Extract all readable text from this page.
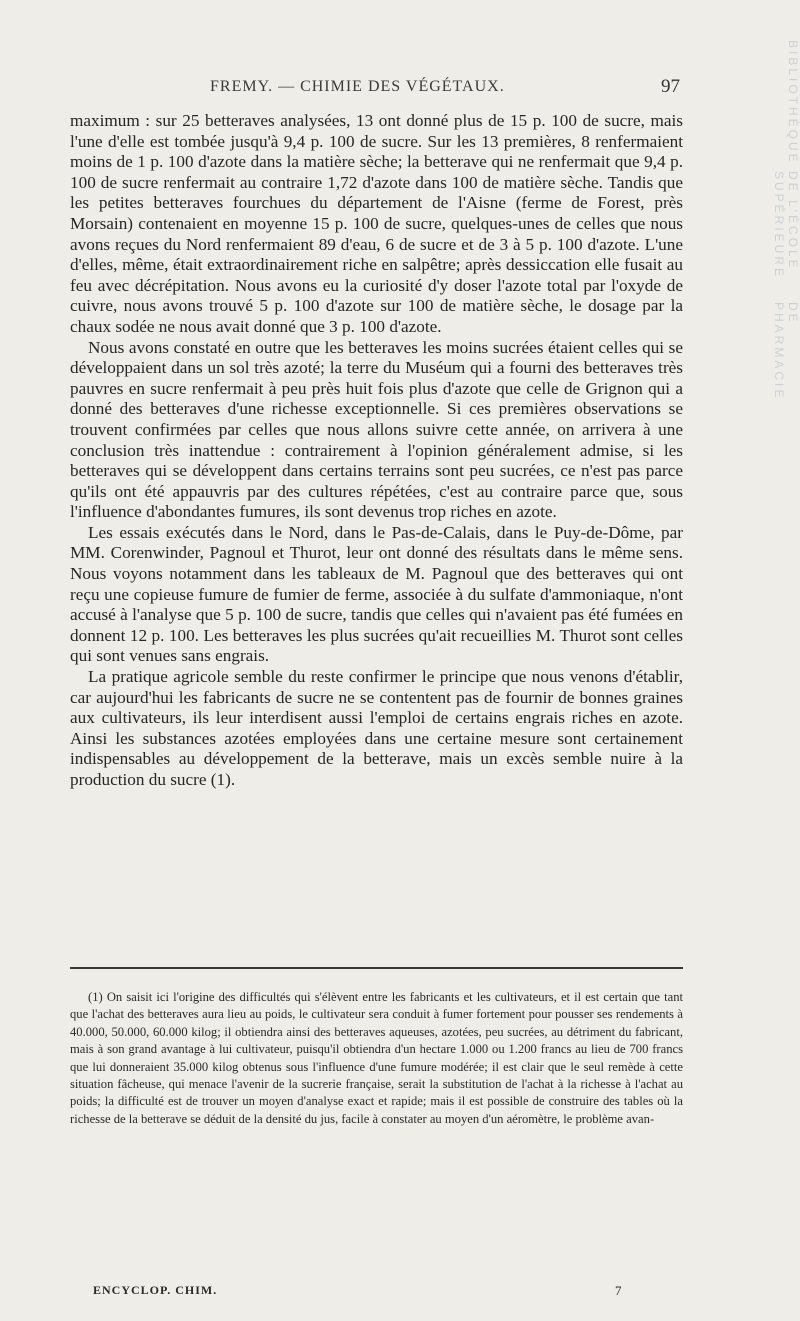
BIBLIOTHÈQUE
DE L'ÉCOLE SUPÉRIEURE
DE PHARMACIE
FREMY. — CHIMIE DES VÉGÉTAUX.	97

maximum : sur 25 betteraves analysées, 13 ont donné plus de 15 p. 100 de sucre, mais l'une d'elle est tombée jusqu'à 9,4 p. 100 de sucre. Sur les 13 premières, 8 renfermaient moins de 1 p. 100 d'azote dans la matière sèche; la betterave qui ne renfermait que 9,4 p. 100 de sucre renfermait au contraire 1,72 d'azote dans 100 de matière sèche. Tandis que les petites betteraves fourchues du département de l'Aisne (ferme de Forest, près Morsain) contenaient en moyenne 15 p. 100 de sucre, quelques-unes de celles que nous avons reçues du Nord renfermaient 89 d'eau, 6 de sucre et de 3 à 5 p. 100 d'azote. L'une d'elles, même, était extraordinairement riche en salpêtre; après dessiccation elle fusait au feu avec décrépitation. Nous avons eu la curiosité d'y doser l'azote total par l'oxyde de cuivre, nous avons trouvé 5 p. 100 d'azote sur 100 de matière sèche, le dosage par la chaux sodée ne nous avait donné que 3 p. 100 d'azote.

Nous avons constaté en outre que les betteraves les moins sucrées étaient celles qui se développaient dans un sol très azoté; la terre du Muséum qui a fourni des betteraves très pauvres en sucre renfermait à peu près huit fois plus d'azote que celle de Grignon qui a donné des betteraves d'une richesse exceptionnelle. Si ces premières observations se trouvent confirmées par celles que nous allons suivre cette année, on arrivera à une conclusion très inattendue : contrairement à l'opinion généralement admise, si les betteraves qui se développent dans certains terrains sont peu sucrées, ce n'est pas parce qu'ils ont été appauvris par des cultures répétées, c'est au contraire parce que, sous l'influence d'abondantes fumures, ils sont devenus trop riches en azote.

Les essais exécutés dans le Nord, dans le Pas-de-Calais, dans le Puy-de-Dôme, par MM. Corenwinder, Pagnoul et Thurot, leur ont donné des résultats dans le même sens. Nous voyons notamment dans les tableaux de M. Pagnoul que des betteraves qui ont reçu une copieuse fumure de fumier de ferme, associée à du sulfate d'ammoniaque, n'ont accusé à l'analyse que 5 p. 100 de sucre, tandis que celles qui n'avaient pas été fumées en donnent 12 p. 100. Les betteraves les plus sucrées qu'ait recueillies M. Thurot sont celles qui sont venues sans engrais.

La pratique agricole semble du reste confirmer le principe que nous venons d'établir, car aujourd'hui les fabricants de sucre ne se contentent pas de fournir de bonnes graines aux cultivateurs, ils leur interdisent aussi l'emploi de certains engrais riches en azote. Ainsi les substances azotées employées dans une certaine mesure sont certainement indispensables au développement de la betterave, mais un excès semble nuire à la production du sucre (1).

(1) On saisit ici l'origine des difficultés qui s'élèvent entre les fabricants et les cultivateurs, et il est certain que tant que l'achat des betteraves aura lieu au poids, le cultivateur sera conduit à fumer fortement pour pousser ses rendements à 40.000, 50.000, 60.000 kilog; il obtiendra ainsi des betteraves aqueuses, azotées, peu sucrées, au détriment du fabricant, mais à son grand avantage à lui cultivateur, puisqu'il obtiendra d'un hectare 1.000 ou 1.200 francs au lieu de 700 francs que lui donneraient 35.000 kilog obtenus sous l'influence d'une fumure modérée; il est clair que le seul remède à cette situation fâcheuse, qui menace l'avenir de la sucrerie française, serait la substitution de l'achat à la richesse à l'achat au poids; la difficulté est de trouver un moyen d'analyse exact et rapide; mais il est possible de construire des tables où la richesse de la betterave se déduit de la densité du jus, facile à constater au moyen d'un aéromètre, le problème avan-

ENCYCLOP. CHIM.	7
